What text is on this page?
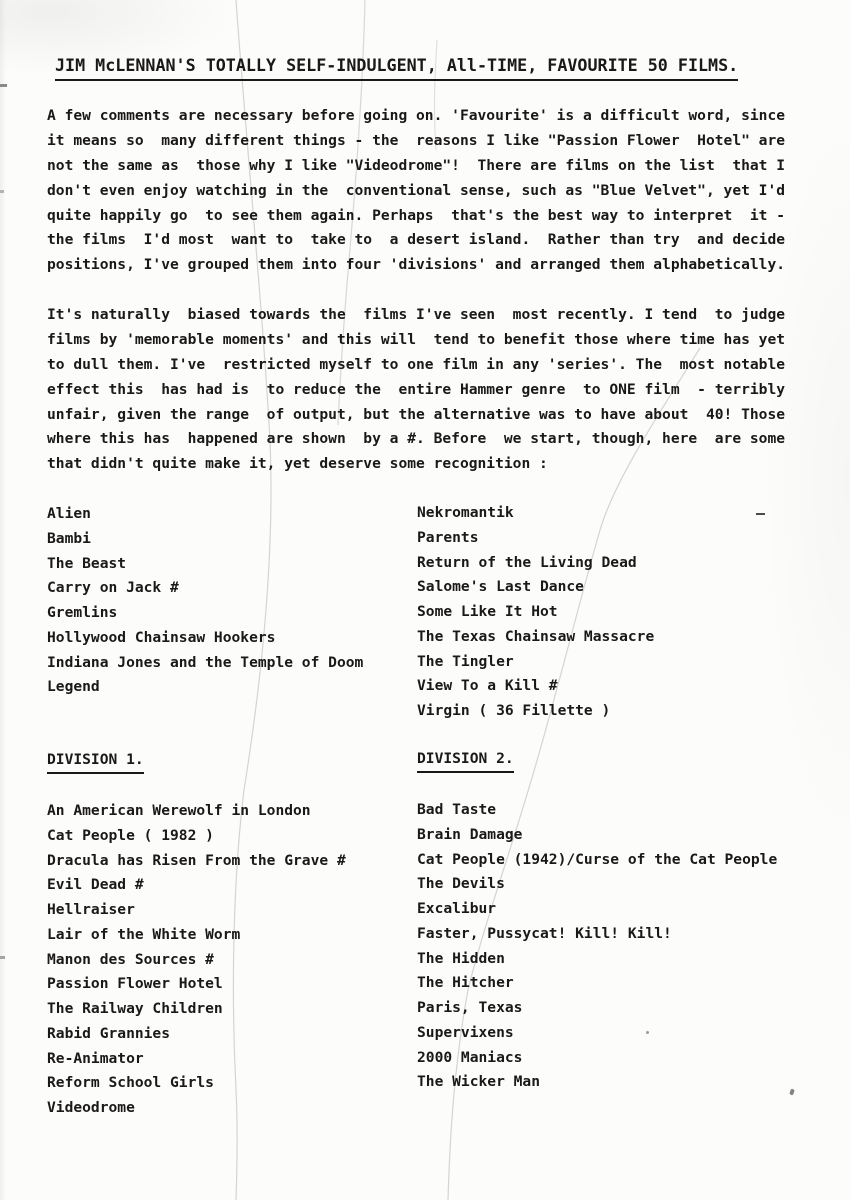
JIM McLENNAN'S TOTALLY SELF-INDULGENT, All-TIME, FAVOURITE 50 FILMS.
A few comments are necessary before going on. 'Favourite' is a difficult word, since
it means so  many different things - the  reasons I like "Passion Flower  Hotel" are
not the same as  those why I like "Videodrome"!  There are films on the list  that I
don't even enjoy watching in the  conventional sense, such as "Blue Velvet", yet I'd
quite happily go  to see them again. Perhaps  that's the best way to interpret  it -
the films  I'd most  want to  take to  a desert island.  Rather than try  and decide
positions, I've grouped them into four 'divisions' and arranged them alphabetically.
It's naturally  biased towards the  films I've seen  most recently. I tend  to judge
films by 'memorable moments' and this will  tend to benefit those where time has yet
to dull them. I've  restricted myself to one film in any 'series'. The  most notable
effect this  has had is  to reduce the  entire Hammer genre  to ONE film  - terribly
unfair, given the range  of output, but the alternative was to have about  40! Those
where this has  happened are shown  by a #. Before  we start, though, here  are some
that didn't quite make it, yet deserve some recognition :
Alien
Bambi
The Beast
Carry on Jack #
Gremlins
Hollywood Chainsaw Hookers
Indiana Jones and the Temple of Doom
Legend
Nekromantik
Parents
Return of the Living Dead
Salome's Last Dance
Some Like It Hot
The Texas Chainsaw Massacre
The Tingler
View To a Kill #
Virgin ( 36 Fillette )
DIVISION 1.	DIVISION 2.
An American Werewolf in London
Cat People ( 1982 )
Dracula has Risen From the Grave #
Evil Dead #
Hellraiser
Lair of the White Worm
Manon des Sources #
Passion Flower Hotel
The Railway Children
Rabid Grannies
Re-Animator
Reform School Girls
Videodrome
Bad Taste
Brain Damage
Cat People (1942)/Curse of the Cat People
The Devils
Excalibur
Faster, Pussycat! Kill! Kill!
The Hidden
The Hitcher
Paris, Texas
Supervixens
2000 Maniacs
The Wicker Man
